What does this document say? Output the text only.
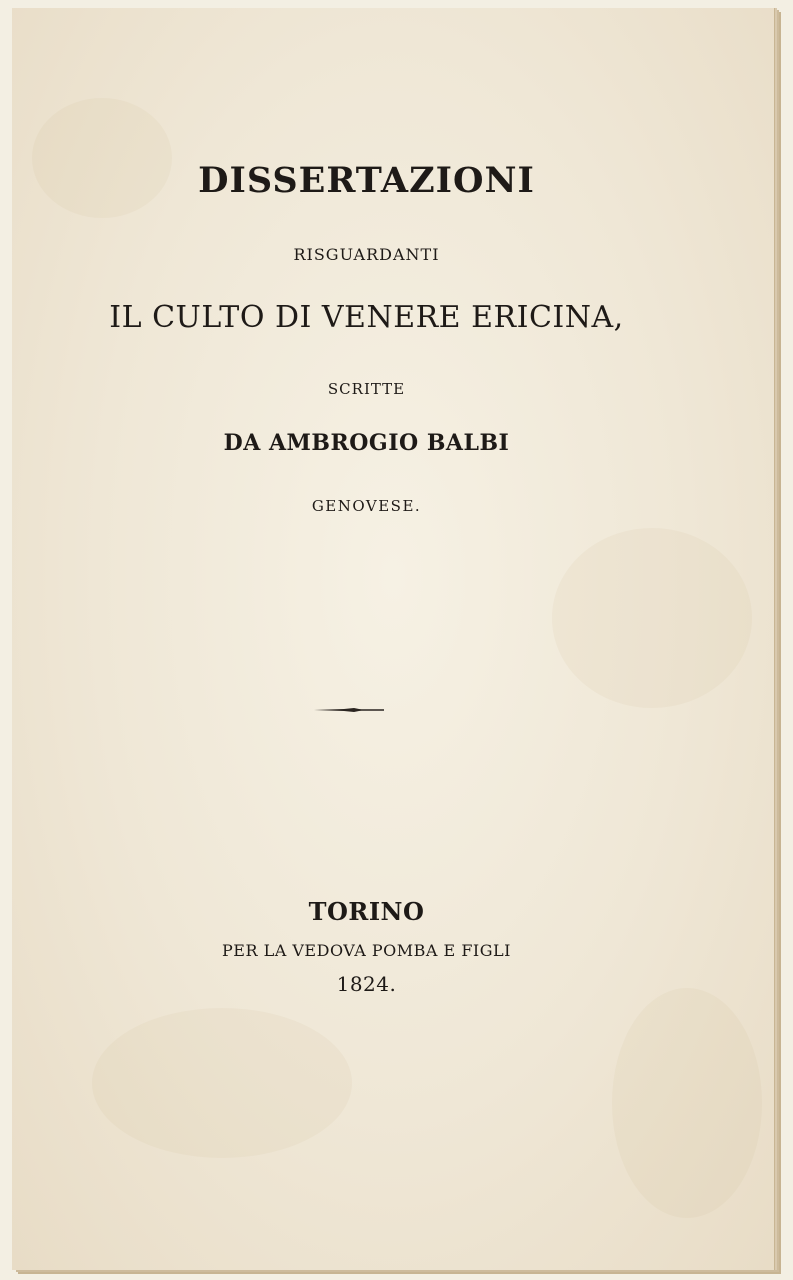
DISSERTAZIONI
RISGUARDANTI
IL CULTO DI VENERE ERICINA,
SCRITTE
DA AMBROGIO BALBI
GENOVESE.
TORINO
PER LA VEDOVA POMBA E FIGLI
1824.
